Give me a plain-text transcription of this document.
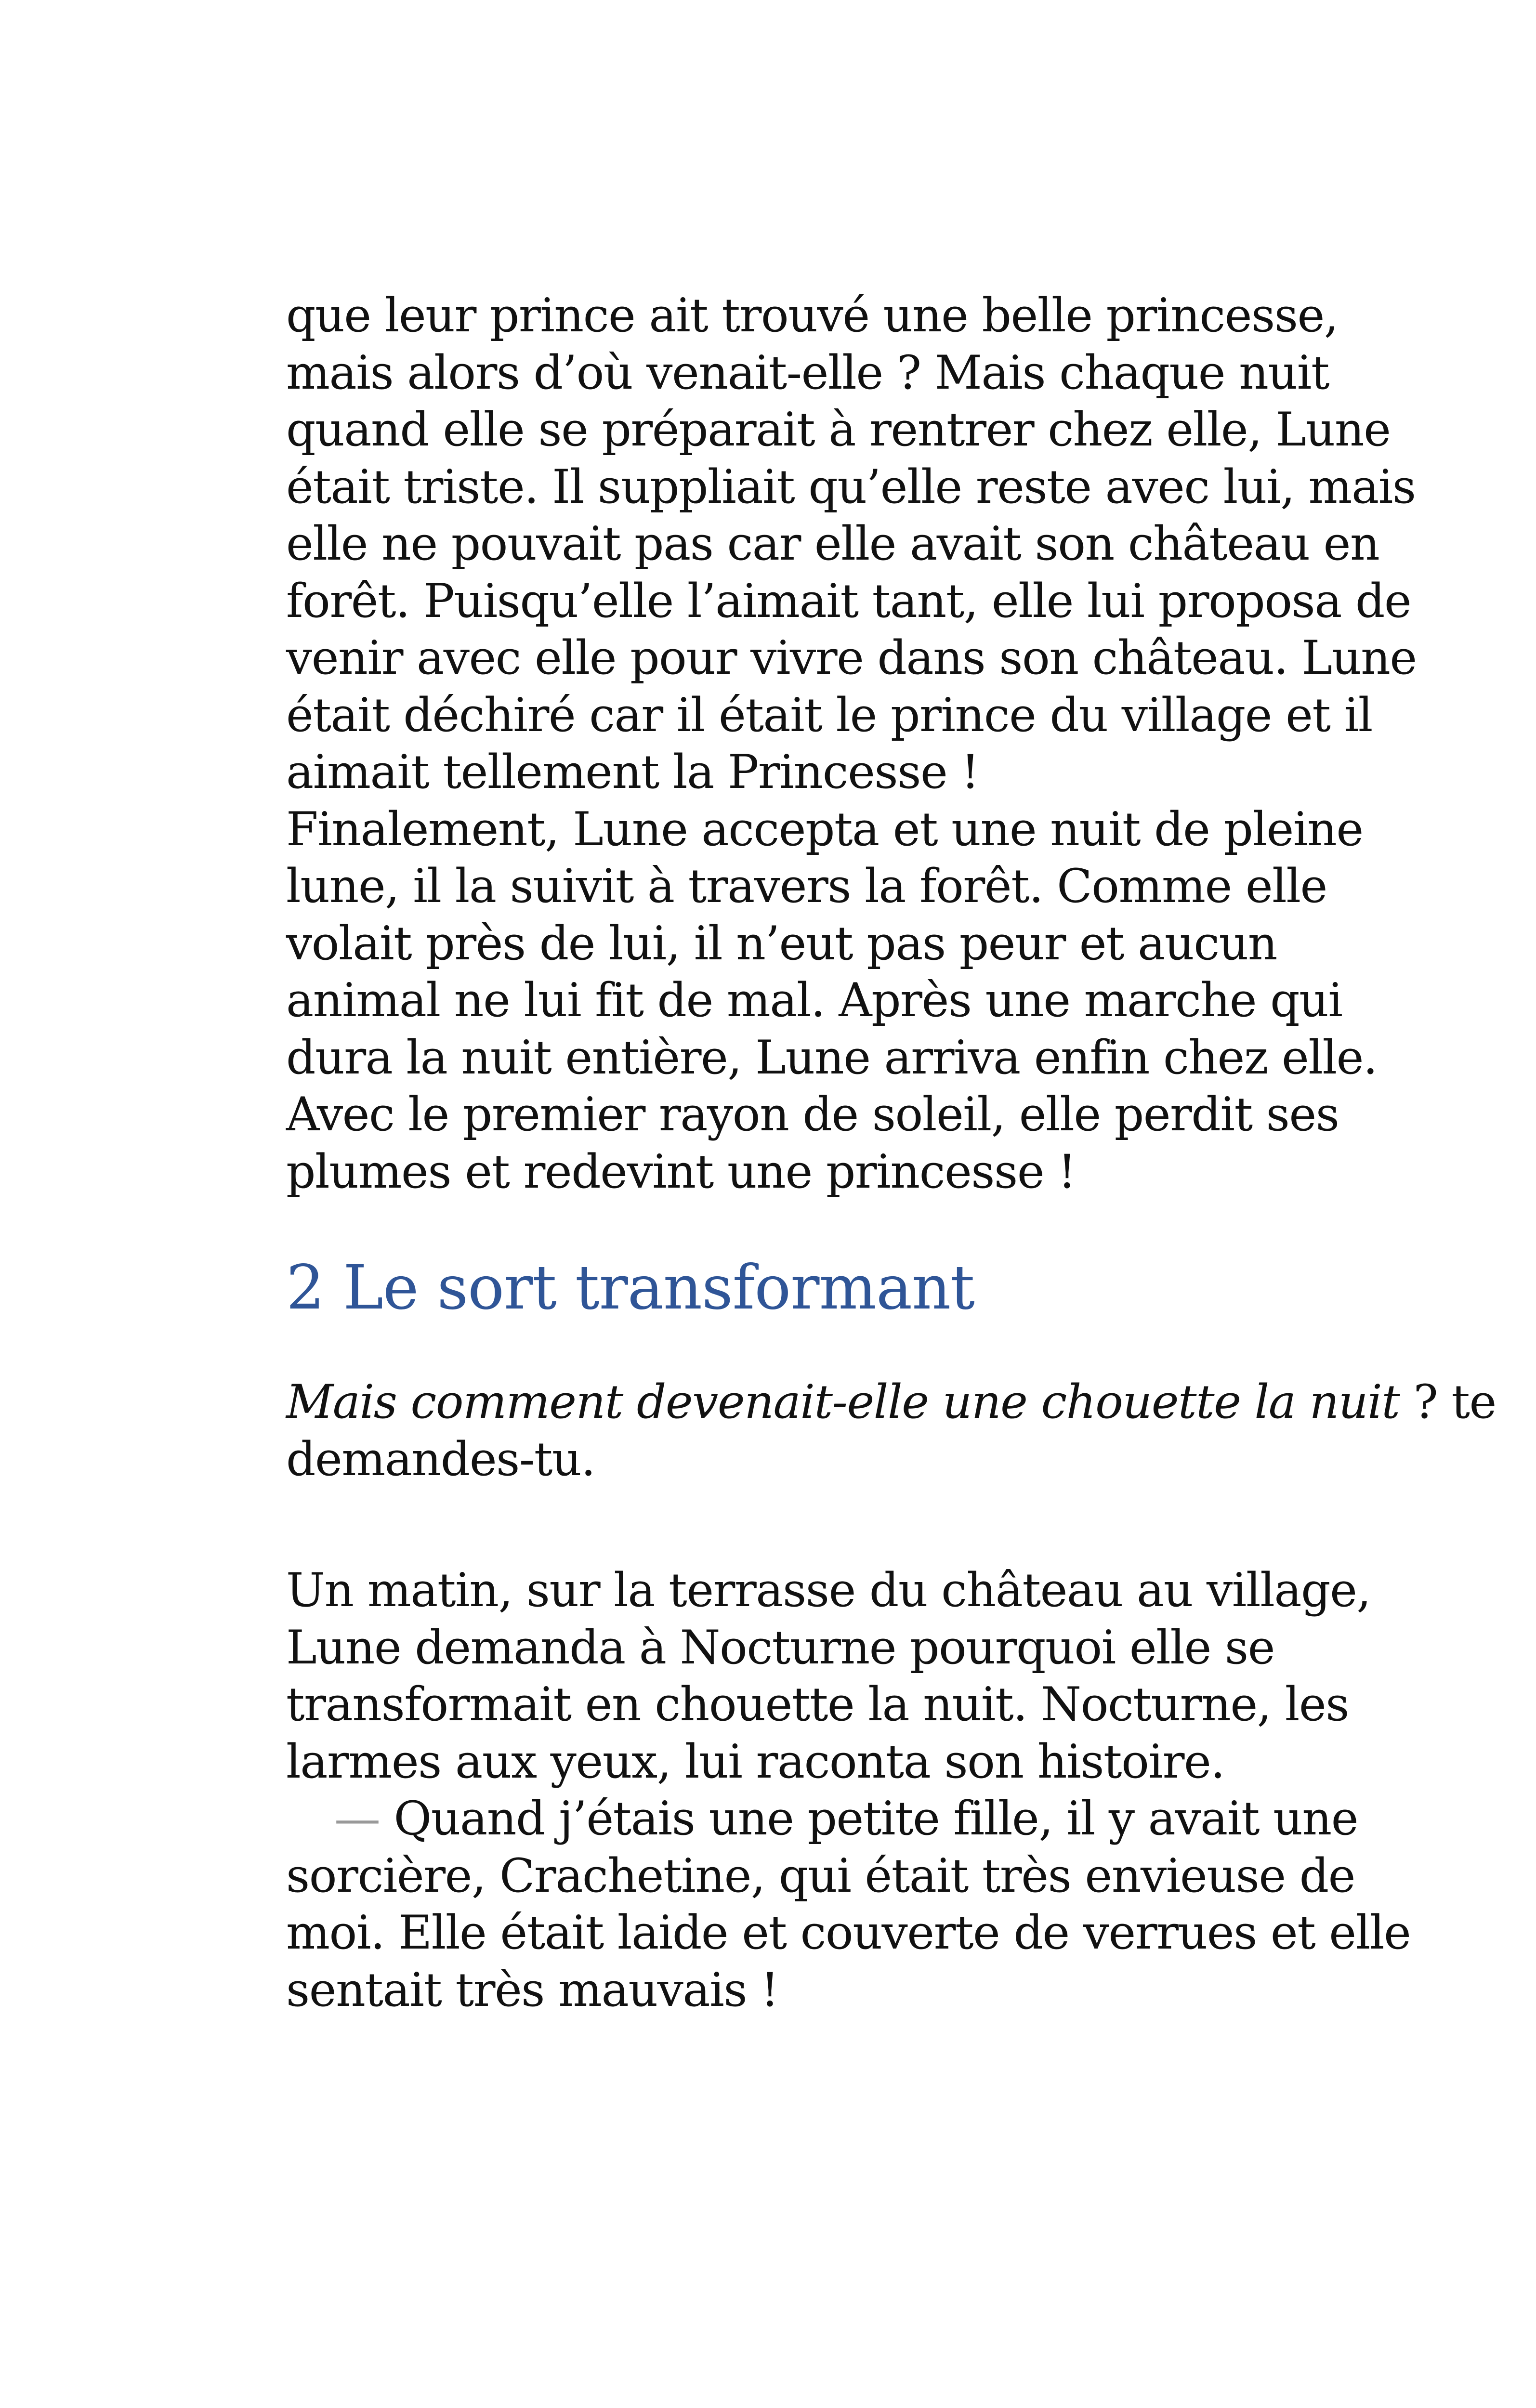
que leur prince ait trouvé une belle princesse,
mais alors d’où venait-elle ? Mais chaque nuit
quand elle se préparait à rentrer chez elle, Lune
était triste. Il suppliait qu’elle reste avec lui, mais
elle ne pouvait pas car elle avait son château en
forêt. Puisqu’elle l’aimait tant, elle lui proposa de
venir avec elle pour vivre dans son château. Lune
était déchiré car il était le prince du village et il
aimait tellement la Princesse !
Finalement, Lune accepta et une nuit de pleine
lune, il la suivit à travers la forêt. Comme elle
volait près de lui, il n’eut pas peur et aucun
animal ne lui fit de mal. Après une marche qui
dura la nuit entière, Lune arriva enfin chez elle.
Avec le premier rayon de soleil, elle perdit ses
plumes et redevint une princesse !
2 Le sort transformant
Mais comment devenait-elle une chouette la nuit ? te
demandes-tu.
Un matin, sur la terrasse du château au village,
Lune demanda à Nocturne pourquoi elle se
transformait en chouette la nuit. Nocturne, les
larmes aux yeux, lui raconta son histoire.
— Quand j’étais une petite fille, il y avait une
sorcière, Crachetine, qui était très envieuse de
moi. Elle était laide et couverte de verrues et elle
sentait très mauvais !
